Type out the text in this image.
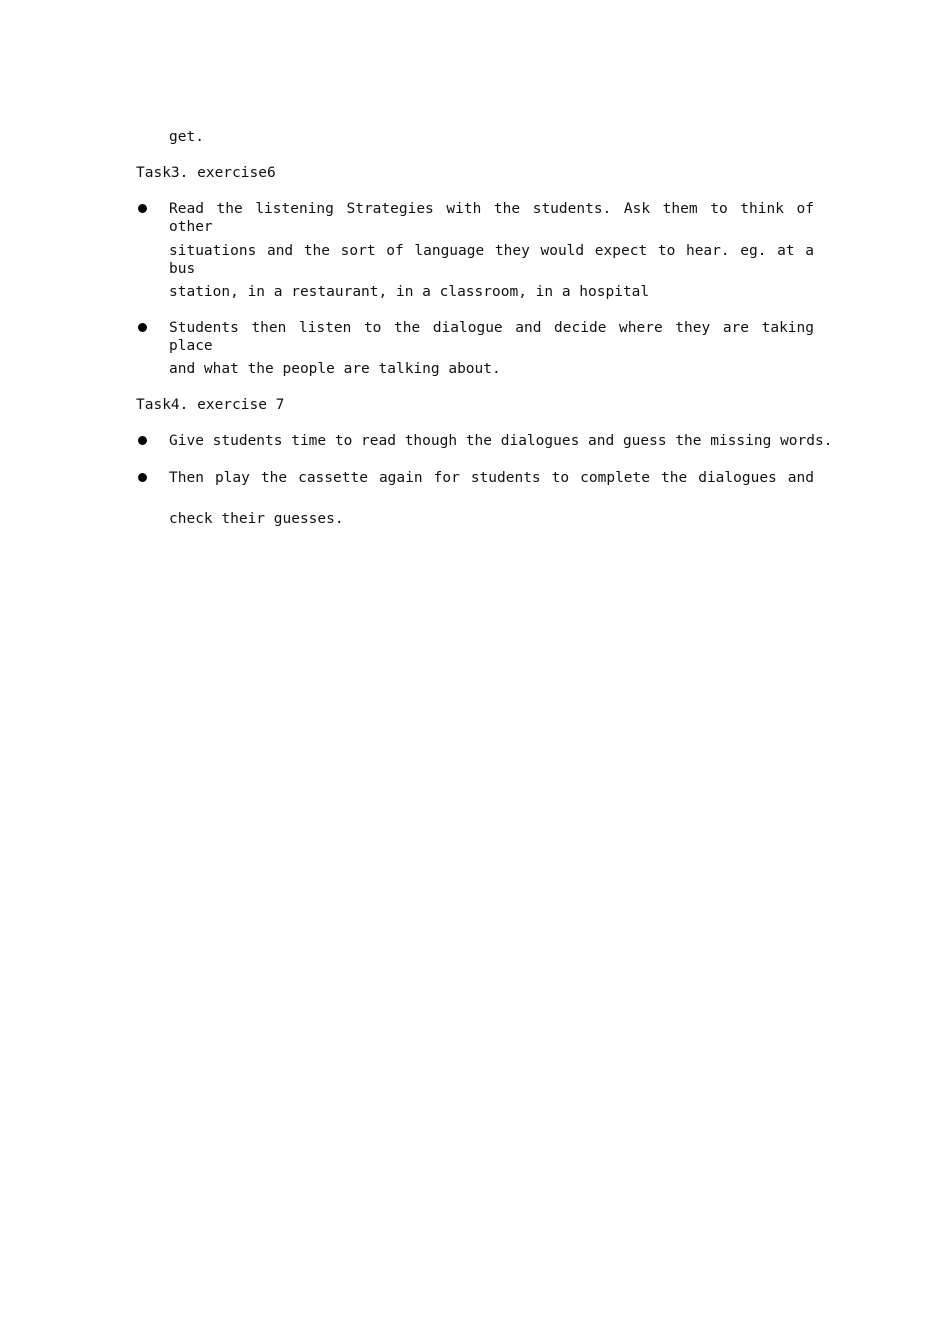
get.
Task3. exercise6
Read the listening Strategies with the students. Ask them to think of other
situations and the sort of language they would expect to hear. eg. at a bus
station, in a restaurant, in a classroom, in a hospital
Students then listen to the dialogue and decide where they are taking place
and what the people are talking about.
Task4. exercise 7
Give students time to read though the dialogues and guess the missing words.
Then play the cassette again for students to complete the dialogues and
check their guesses.
